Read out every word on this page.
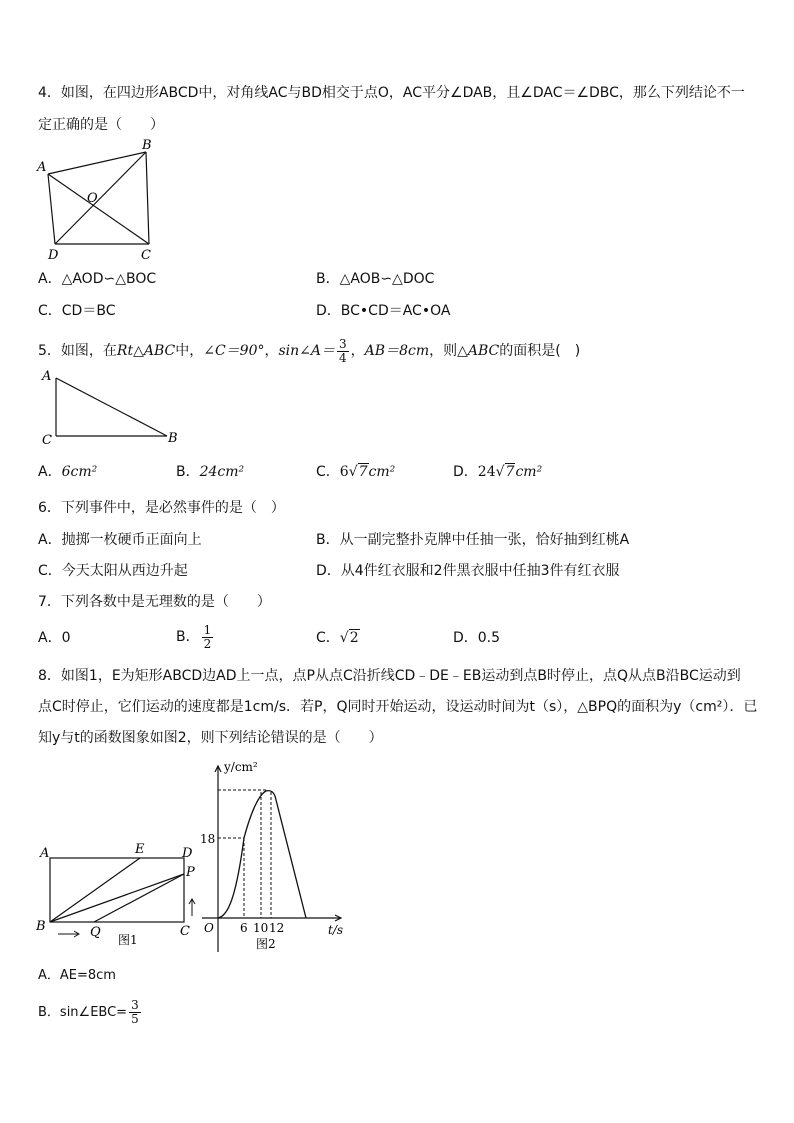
4．如图，在四边形ABCD中，对角线AC与BD相交于点O，AC平分∠DAB，且∠DAC＝∠DBC，那么下列结论不一
定正确的是（　　）
A
B
O
D	C
A．△AOD∽△BOC	B．△AOB∽△DOC
C．CD＝BC	D．BC•CD＝AC•OA
5．如图，在Rt△ABC中，∠C＝90°，sin∠A＝ $\frac{3}{4}$ ，AB＝8cm，则△ABC的面积是(　)
A
C	B
A．6cm²	B．24cm²	C．6√7cm²	D．24√7cm²
6．下列事件中，是必然事件的是（　）
A．抛掷一枚硬币正面向上	B．从一副完整扑克牌中任抽一张，恰好抽到红桃A
C．今天太阳从西边升起	D．从4件红衣服和2件黑衣服中任抽3件有红衣服
7．下列各数中是无理数的是（　　）
A．0	B． $\frac{1}{2}$	C．√2	D．0.5
8．如图1，E为矩形ABCD边AD上一点，点P从点C沿折线CD﹣DE﹣EB运动到点B时停止，点Q从点B沿BC运动到
点C时停止，它们运动的速度都是1cm/s．若P，Q同时开始运动，设运动时间为t（s），△BPQ的面积为y（cm²）．已
知y与t的函数图象如图2，则下列结论错误的是（　　）
A	E	D
P
B	Q	C
图1
y/cm²
18
O 6 10 12	t/s
图2
A．AE=8cm
B．sin∠EBC= $\frac{3}{5}$
